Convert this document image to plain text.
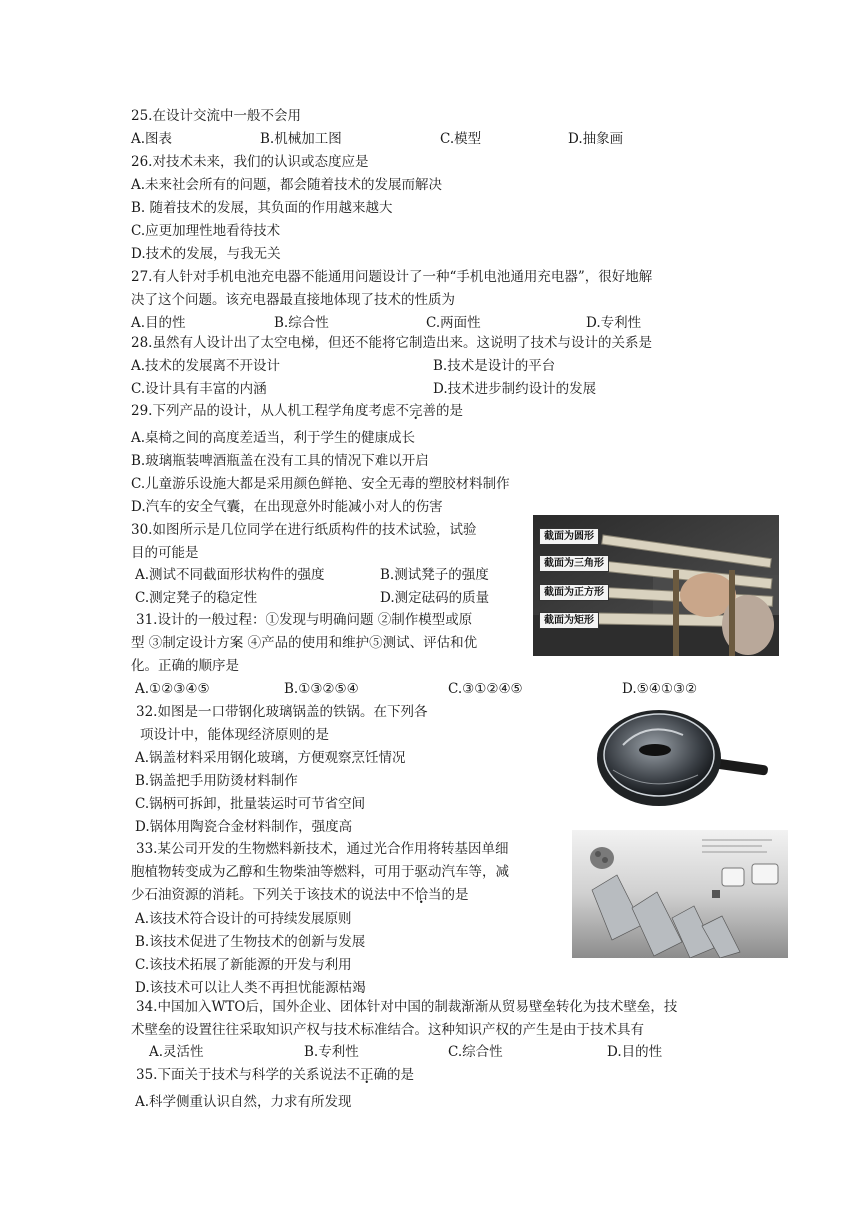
25.在设计交流中一般不会用
A.图表	B.机械加工图	C.模型	D.抽象画
26.对技术未来，我们的认识或态度应是
A.未来社会所有的问题，都会随着技术的发展而解决
B. 随着技术的发展，其负面的作用越来越大
C.应更加理性地看待技术
D.技术的发展，与我无关
27.有人针对手机电池充电器不能通用问题设计了一种“手机电池通用充电器”，很好地解
决了这个问题。该充电器最直接地体现了技术的性质为
A.目的性	B.综合性	C.两面性	D.专利性
28.虽然有人设计出了太空电梯，但还不能将它制造出来。这说明了技术与设计的关系是
A.技术的发展离不开设计	B.技术是设计的平台
C.设计具有丰富的内涵	D.技术进步制约设计的发展
29.下列产品的设计，从人机工程学角度考虑不完善的是
A.桌椅之间的高度差适当，利于学生的健康成长
B.玻璃瓶装啤酒瓶盖在没有工具的情况下难以开启
C.儿童游乐设施大都是采用颜色鲜艳、安全无毒的塑胶材料制作
D.汽车的安全气囊，在出现意外时能减小对人的伤害
30.如图所示是几位同学在进行纸质构件的技术试验，试验
目的可能是
A.测试不同截面形状构件的强度	B.测试凳子的强度
C.测定凳子的稳定性	D.测定砝码的质量
截面为圆形
截面为三角形
截面为正方形
截面为矩形
31.设计的一般过程：①发现与明确问题 ②制作模型或原
型 ③制定设计方案 ④产品的使用和维护⑤测试、评估和优
化。正确的顺序是
A.①②③④⑤	B.①③②⑤④	C.③①②④⑤	D.⑤④①③②
32.如图是一口带钢化玻璃锅盖的铁锅。在下列各
项设计中，能体现经济原则的是
A.锅盖材料采用钢化玻璃，方便观察烹饪情况
B.锅盖把手用防烫材料制作
C.锅柄可拆卸，批量装运时可节省空间
D.锅体用陶瓷合金材料制作，强度高
33.某公司开发的生物燃料新技术，通过光合作用将转基因单细
胞植物转变成为乙醇和生物柴油等燃料，可用于驱动汽车等，减
少石油资源的消耗。下列关于该技术的说法中不恰当的是
A.该技术符合设计的可持续发展原则
B.该技术促进了生物技术的创新与发展
C.该技术拓展了新能源的开发与利用
D.该技术可以让人类不再担忧能源枯竭
34.中国加入WTO后，国外企业、团体针对中国的制裁渐渐从贸易壁垒转化为技术壁垒，技
术壁垒的设置往往采取知识产权与技术标准结合。这种知识产权的产生是由于技术具有
A.灵活性	B.专利性	C.综合性	D.目的性
35.下面关于技术与科学的关系说法不正确的是
A.科学侧重认识自然，力求有所发现
